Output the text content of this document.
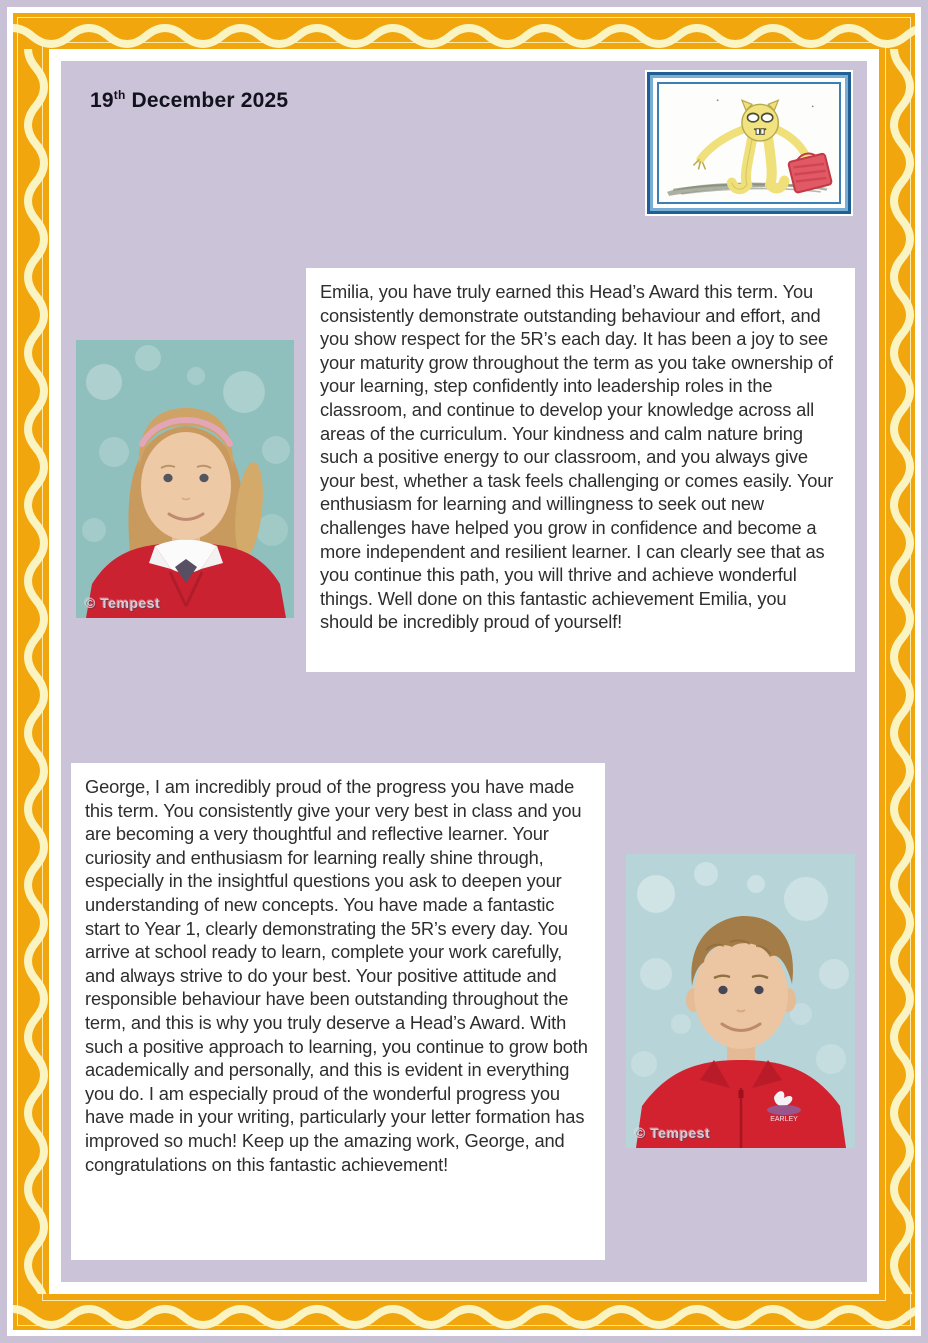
19th December 2025
Emilia, you have truly earned this Head’s Award this term. You consistently demonstrate outstanding behaviour and effort, and you show respect for the 5R’s each day. It has been a joy to see your maturity grow throughout the term as you take ownership of your learning, step confidently into leadership roles in the classroom, and continue to develop your knowledge across all areas of the curriculum. Your kindness and calm nature bring such a positive energy to our classroom, and you always give your best, whether a task feels challenging or comes easily. Your enthusiasm for learning and willingness to seek out new challenges have helped you grow in confidence and become a more independent and resilient learner. I can clearly see that as you continue this path, you will thrive and achieve wonderful things. Well done on this fantastic achievement Emilia, you should be incredibly proud of yourself!
© Tempest
George, I am incredibly proud of the progress you have made this term. You consistently give your very best in class and you are becoming a very thoughtful and reflective learner. Your curiosity and enthusiasm for learning really shine through, especially in the insightful questions you ask to deepen your understanding of new concepts. You have made a fantastic start to Year 1, clearly demonstrating the 5R’s every day. You arrive at school ready to learn, complete your work carefully, and always strive to do your best. Your positive attitude and responsible behaviour have been outstanding throughout the term, and this is why you truly deserve a Head’s Award. With such a positive approach to learning, you continue to grow both academically and personally, and this is evident in everything you do. I am especially proud of the wonderful progress you have made in your writing, particularly your letter formation has improved so much! Keep up the amazing work, George, and congratulations on this fantastic achievement!
EARLEY
© Tempest
